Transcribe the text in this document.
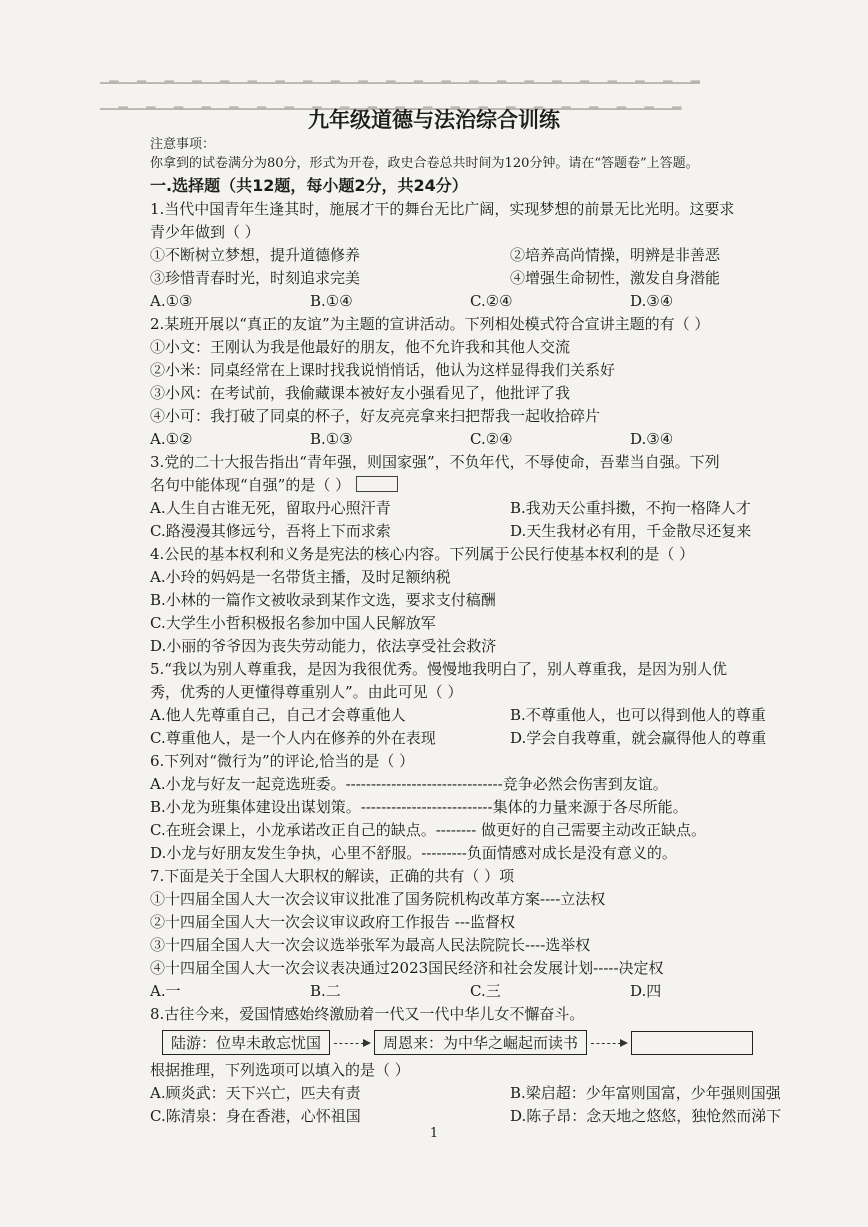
▁▂▁▁▂▁▁▂▁▁▂▁▁▂▁▁▂▁▁▂▁▁▂▁▁▂▁▁▂▁▁▂▁▁▂▁▁▂▁▁▂▁▁▂▁▁▂▁▁▂▁▁▂▁▁▂▁▁▂▁▁▂▁▁▂
▁▁▂▁▁▂▁▁▂▁▁▂▁▁▂▁▁▂▁▁▂▁▁▂▁▁▂▁▁▂▁▁▂▁▁▂▁▁▂▁▁▂▁▁▂▁▁▂▁▁▂▁▁▂▁▁▂▁▁▂▁▁▂
九年级道德与法治综合训练
注意事项：
你拿到的试卷满分为80分，形式为开卷，政史合卷总共时间为120分钟。请在“答题卷”上答题。
一.选择题（共12题，每小题2分，共24分）
1.当代中国青年生逢其时，施展才干的舞台无比广阔，实现梦想的前景无比光明。这要求
青少年做到（ ）
①不断树立梦想，提升道德修养	②培养高尚情操，明辨是非善恶
③珍惜青春时光，时刻追求完美	④增强生命韧性，激发自身潜能
A.①③	B.①④	C.②④	D.③④
2.某班开展以“真正的友谊”为主题的宣讲活动。下列相处模式符合宣讲主题的有（ ）
①小文：王刚认为我是他最好的朋友，他不允许我和其他人交流
②小米：同桌经常在上课时找我说悄悄话，他认为这样显得我们关系好
③小风：在考试前，我偷藏课本被好友小强看见了，他批评了我
④小可：我打破了同桌的杯子，好友亮亮拿来扫把帮我一起收拾碎片
A.①②	B.①③	C.②④	D.③④
3.党的二十大报告指出“青年强，则国家强”，不负年代，不辱使命，吾辈当自强。下列
名句中能体现“自强”的是（ ）
A.人生自古谁无死，留取丹心照汗青	B.我劝天公重抖擞，不拘一格降人才
C.路漫漫其修远兮，吾将上下而求索	D.天生我材必有用，千金散尽还复来
4.公民的基本权利和义务是宪法的核心内容。下列属于公民行使基本权利的是（ ）
A.小玲的妈妈是一名带货主播，及时足额纳税
B.小林的一篇作文被收录到某作文选，要求支付稿酬
C.大学生小哲积极报名参加中国人民解放军
D.小丽的爷爷因为丧失劳动能力，依法享受社会救济
5.“我以为别人尊重我，是因为我很优秀。慢慢地我明白了，别人尊重我，是因为别人优
秀，优秀的人更懂得尊重别人”。由此可见（ ）
A.他人先尊重自己，自己才会尊重他人	B.不尊重他人，也可以得到他人的尊重
C.尊重他人，是一个人内在修养的外在表现	D.学会自我尊重，就会赢得他人的尊重
6.下列对“微行为”的评论,恰当的是（ ）
A.小龙与好友一起竞选班委。-------------------------------竞争必然会伤害到友谊。
B.小龙为班集体建设出谋划策。--------------------------集体的力量来源于各尽所能。
C.在班会课上，小龙承诺改正自己的缺点。-------- 做更好的自己需要主动改正缺点。
D.小龙与好朋友发生争执，心里不舒服。---------负面情感对成长是没有意义的。
7.下面是关于全国人大职权的解读，正确的共有（ ）项
①十四届全国人大一次会议审议批准了国务院机构改革方案----立法权
②十四届全国人大一次会议审议政府工作报告 ---监督权
③十四届全国人大一次会议选举张军为最高人民法院院长----选举权
④十四届全国人大一次会议表决通过2023国民经济和社会发展计划-----决定权
A.一	B.二	C.三	D.四
8.古往今来，爱国情感始终激励着一代又一代中华儿女不懈奋斗。
陆游：位卑未敢忘忧国	周恩来：为中华之崛起而读书
根据推理，下列选项可以填入的是（ ）
A.顾炎武：天下兴亡，匹夫有责	B.梁启超：少年富则国富，少年强则国强
C.陈清泉：身在香港，心怀祖国	D.陈子昂：念天地之悠悠，独怆然而涕下
1
